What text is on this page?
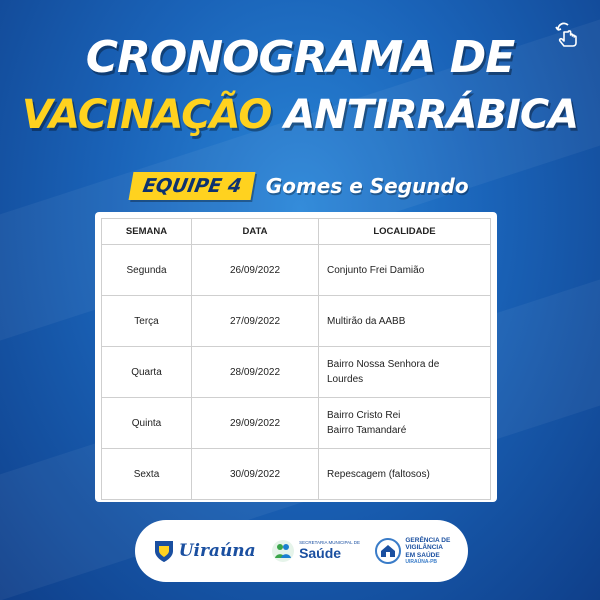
CRONOGRAMA DE
VACINAÇÃO ANTIRRÁBICA
EQUIPE 4	Gomes e Segundo
SEMANA	DATA	LOCALIDADE
Segunda	26/09/2022	Conjunto Frei Damião
Terça	27/09/2022	Multirão da AABB
Quarta	28/09/2022	Bairro Nossa Senhora de
Lourdes
Quinta	29/09/2022	Bairro Cristo Rei
Bairro Tamandaré
Sexta	30/09/2022	Repescagem (faltosos)
Uiraúna	SECRETARIA MUNICIPAL DE
Saúde
GERÊNCIA DE
VIGILÂNCIA
EM SAÚDE
UIRAÚNA-PB
